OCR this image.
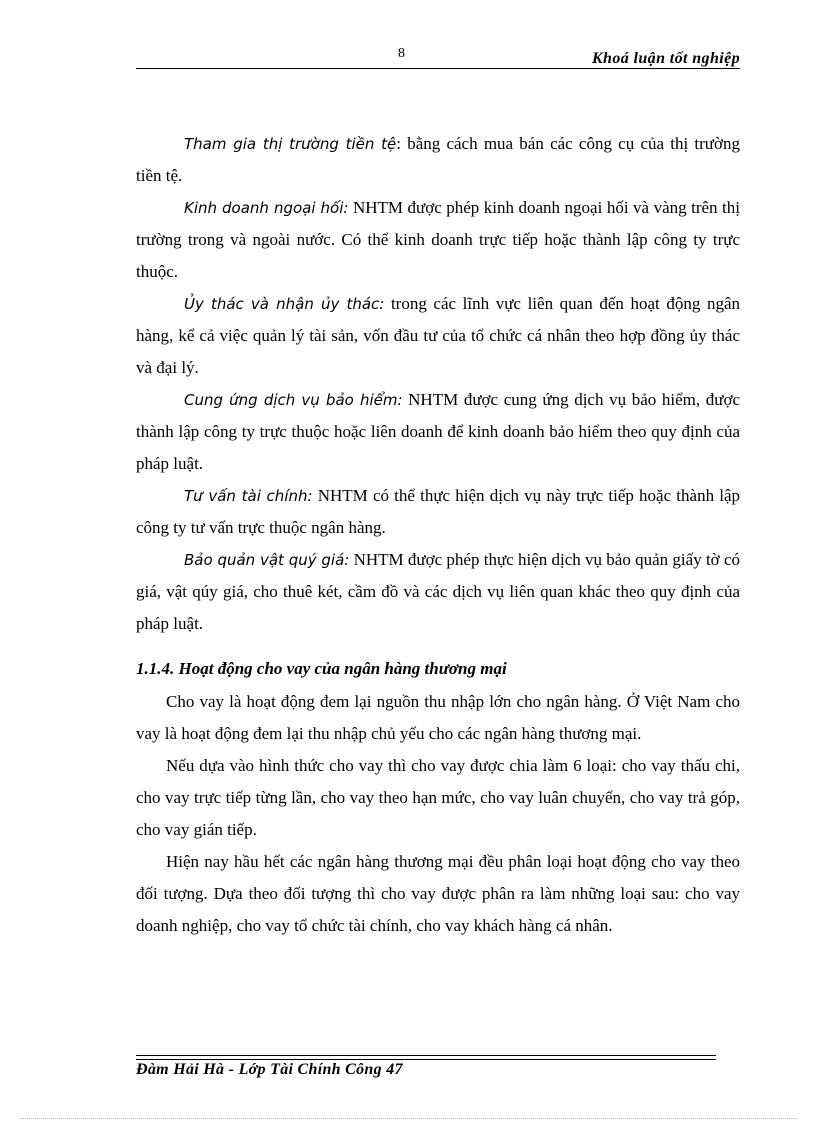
8	Khoá luận tốt nghiệp

Tham gia thị trường tiền tệ: bằng cách mua bán các công cụ của thị trường tiền tệ.

Kinh doanh ngoại hối: NHTM được phép kinh doanh ngoại hối và vàng trên thị trường trong và ngoài nước. Có thể kinh doanh trực tiếp hoặc thành lập công ty trực thuộc.

Ủy thác và nhận ủy thác: trong các lĩnh vực liên quan đến hoạt động ngân hàng, kể cả việc quản lý tài sản, vốn đầu tư của tổ chức cá nhân theo hợp đồng ủy thác và đại lý.

Cung ứng dịch vụ bảo hiểm: NHTM được cung ứng dịch vụ bảo hiểm, được thành lập công ty trực thuộc hoặc liên doanh để kinh doanh bảo hiểm theo quy định của pháp luật.

Tư vấn tài chính: NHTM có thể thực hiện dịch vụ này trực tiếp hoặc thành lập công ty tư vấn trực thuộc ngân hàng.

Bảo quản vật quý giá: NHTM được phép thực hiện dịch vụ bảo quản giấy tờ có giá, vật qúy giá, cho thuê két, cầm đồ và các dịch vụ liên quan khác theo quy định của pháp luật.

1.1.4. Hoạt động cho vay của ngân hàng thương mại

Cho vay là hoạt động đem lại nguồn thu nhập lớn cho ngân hàng. Ở Việt Nam cho vay là hoạt động đem lại thu nhập chủ yếu cho các ngân hàng thương mại.

Nếu dựa vào hình thức cho vay thì cho vay được chia làm 6 loại: cho vay thấu chi, cho vay trực tiếp từng lần, cho vay theo hạn mức, cho vay luân chuyển, cho vay trả góp, cho vay gián tiếp.

Hiện nay hầu hết các ngân hàng thương mại đều phân loại hoạt động cho vay theo đối tượng. Dựa theo đối tượng thì cho vay được phân ra làm những loại sau: cho vay doanh nghiệp, cho vay tổ chức tài chính, cho vay khách hàng cá nhân.

Đàm Hải Hà - Lớp Tài Chính Công 47
